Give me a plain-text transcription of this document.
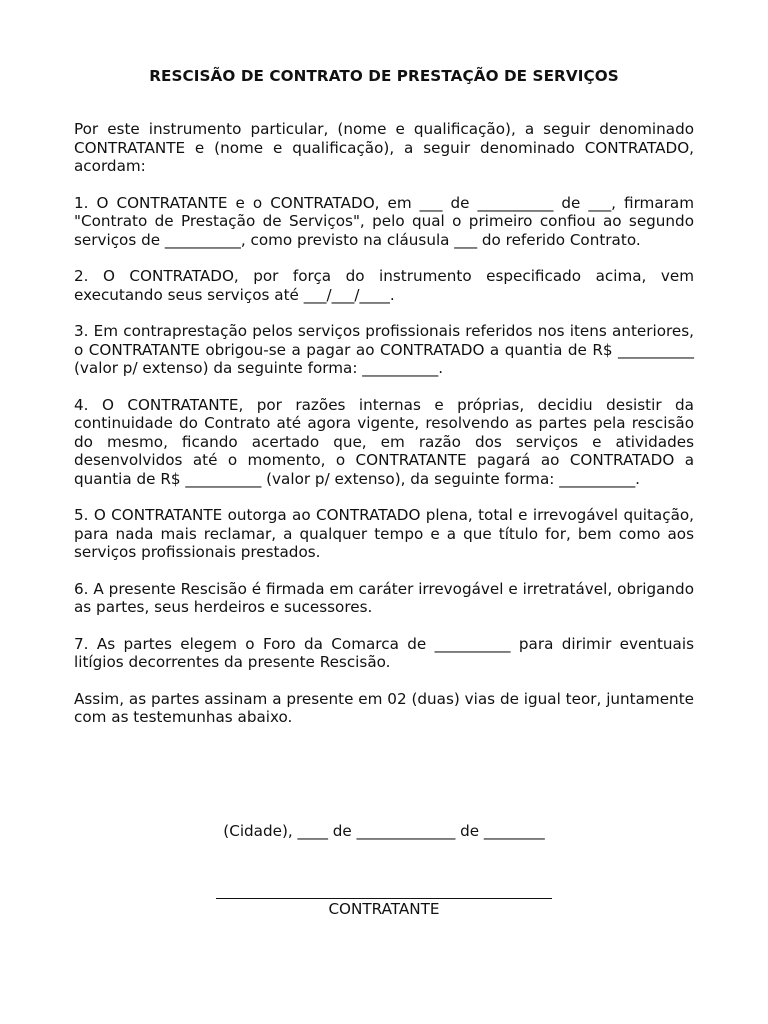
RESCISÃO DE CONTRATO DE PRESTAÇÃO DE SERVIÇOS
Por este instrumento particular, (nome e qualificação), a seguir denominado CONTRATANTE e (nome e qualificação), a seguir denominado CONTRATADO, acordam:
1. O CONTRATANTE e o CONTRATADO, em ___ de __________ de ___, firmaram "Contrato de Prestação de Serviços", pelo qual o primeiro confiou ao segundo serviços de __________, como previsto na cláusula ___ do referido Contrato.
2. O CONTRATADO, por força do instrumento especificado acima, vem executando seus serviços até ___/___/____.
3. Em contraprestação pelos serviços profissionais referidos nos itens anteriores, o CONTRATANTE obrigou-se a pagar ao CONTRATADO a quantia de R$ __________ (valor p/ extenso) da seguinte forma: __________.
4. O CONTRATANTE, por razões internas e próprias, decidiu desistir da continuidade do Contrato até agora vigente, resolvendo as partes pela rescisão do mesmo, ficando acertado que, em razão dos serviços e atividades desenvolvidos até o momento, o CONTRATANTE pagará ao CONTRATADO a quantia de R$ __________ (valor p/ extenso), da seguinte forma: __________.
5. O CONTRATANTE outorga ao CONTRATADO plena, total e irrevogável quitação, para nada mais reclamar, a qualquer tempo e a que título for, bem como aos serviços profissionais prestados.
6. A presente Rescisão é firmada em caráter irrevogável e irretratável, obrigando as partes, seus herdeiros e sucessores.
7. As partes elegem o Foro da Comarca de __________ para dirimir eventuais litígios decorrentes da presente Rescisão.
Assim, as partes assinam a presente em 02 (duas) vias de igual teor, juntamente com as testemunhas abaixo.
(Cidade), ____ de _____________ de ________
CONTRATANTE
